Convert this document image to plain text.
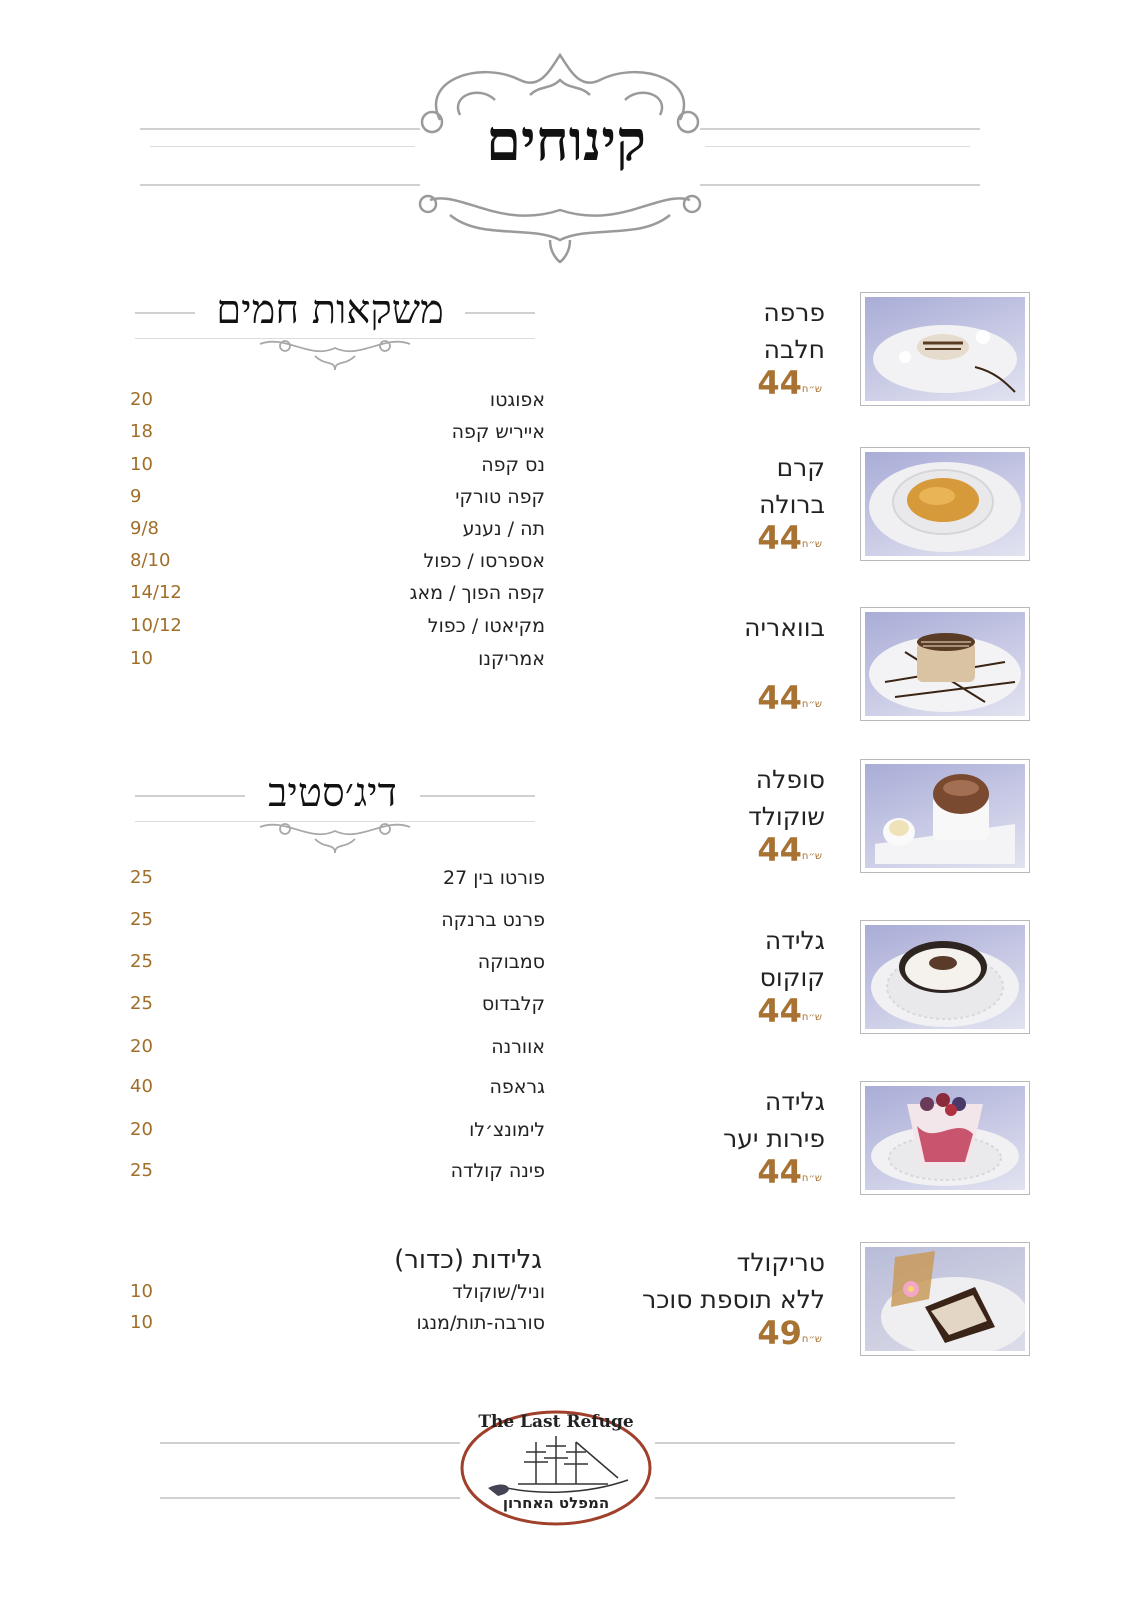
קינוחים
משקאות חמים
אפוגטו
20
אייריש קפה
18
נס קפה
10
קפה טורקי
9
תה / נענע
9/8
אספרסו / כפול
8/10
קפה הפוך / מאג
14/12
מקיאטו / כפול
10/12
אמריקנו
10
דיג׳סטיב
פורטו בין 27
25
פרנט ברנקה
25
סמבוקה
25
קלבדוס
25
אוורנה
20
גראפה
40
לימונצ׳לו
20
פינה קולדה
25
גלידות (כדור)
וניל/שוקולד
10
סורבה-תות/מנגו
10
פרפה
חלבה
ש״ח44
קרם
ברולה
ש״ח44
בוואריה
ש״ח44
סופלה
שוקולד
ש״ח44
גלידה
קוקוס
ש״ח44
גלידה
פירות יער
ש״ח44
טריקולד
ללא תוספת סוכר
ש״ח49
The Last Refuge
המפלט האחרון
